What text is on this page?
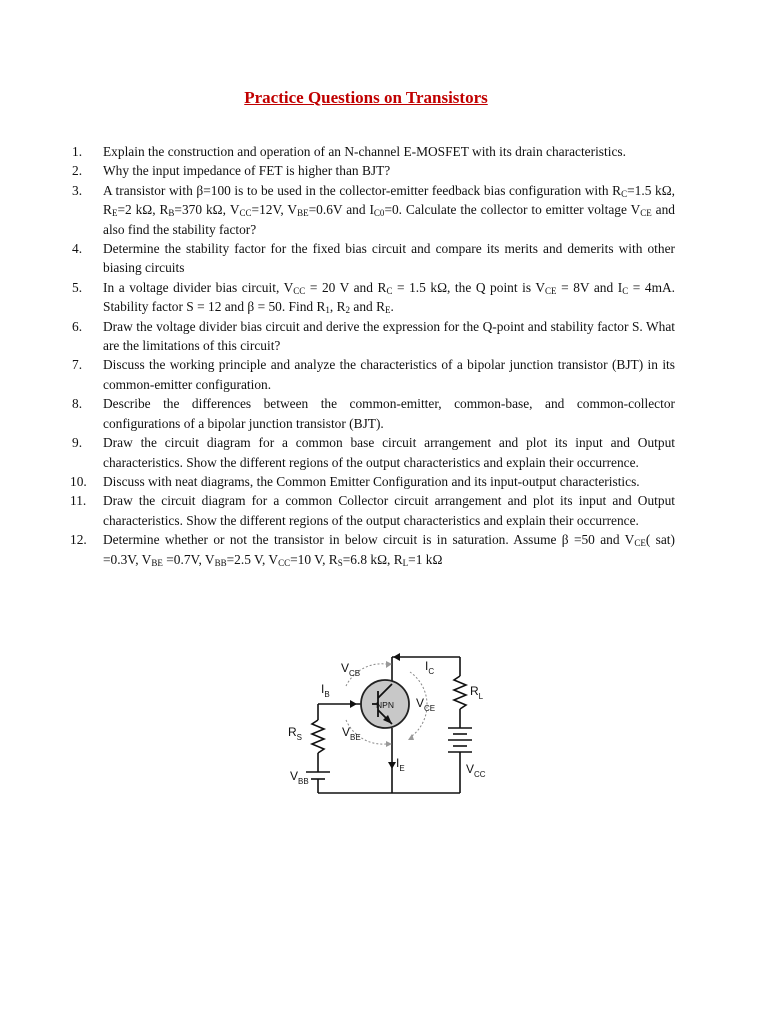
Practice Questions on Transistors
1.	Explain the construction and operation of an N-channel E-MOSFET with its drain characteristics.
2.	Why the input impedance of FET is higher than BJT?
3.	A transistor with β=100 is to be used in the collector-emitter feedback bias configuration with $R_C=1.5$ kΩ, $R_E=2$ kΩ, $R_B=370$ kΩ, $V_{CC}=12V$, $V_{BE}=0.6V$ and $I_{C0}=0$. Calculate the collector to emitter voltage $V_{CE}$ and also find the stability factor?
4.	Determine the stability factor for the fixed bias circuit and compare its merits and demerits with other biasing circuits
5.	In a voltage divider bias circuit, $V_{CC} = 20$ V and $R_C = 1.5$ kΩ, the Q point is $V_{CE} = 8V$ and $I_C = 4mA$. Stability factor S = 12 and β = 50. Find $R_1$, $R_2$ and $R_E$.
6.	Draw the voltage divider bias circuit and derive the expression for the Q-point and stability factor S. What are the limitations of this circuit?
7.	Discuss the working principle and analyze the characteristics of a bipolar junction transistor (BJT) in its common-emitter configuration.
8.	Describe the differences between the common-emitter, common-base, and common-collector configurations of a bipolar junction transistor (BJT).
9.	Draw the circuit diagram for a common base circuit arrangement and plot its input and Output characteristics. Show the different regions of the output characteristics and explain their occurrence.
10.	Discuss with neat diagrams, the Common Emitter Configuration and its input-output characteristics.
11.	Draw the circuit diagram for a common Collector circuit arrangement and plot its input and Output characteristics. Show the different regions of the output characteristics and explain their occurrence.
12.	Determine whether or not the transistor in below circuit is in saturation. Assume β =50 and $V_{CE}$( sat) =0.3V, $V_{BE} =0.7V$, $V_{BB}=2.5$ V, $V_{CC}=10$ V, $R_S=6.8$ kΩ, $R_L=1$ kΩ
NPN
$V_{CB}$
$I_C$
$I_B$	$R_L$
$V_{CE}$
$R_S$	$V_{BE}$
$I_E$	$V_{CC}$
$V_{BB}$
